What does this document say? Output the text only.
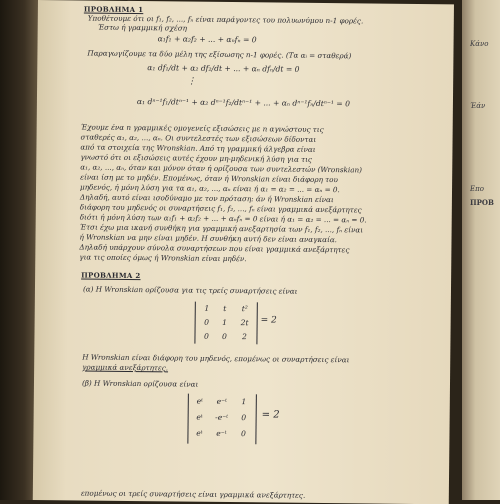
Κάνο
Έάν
Επο
ΠΡΟΒ
ΠΡΟΒΛΗΜΑ 1
Υποθέτουμε ότι οι f₁, f₂, ..., fₙ είναι παράγοντες του πολυωνύμου n-1 φορές.
Έστω ή γραμμική σχέση
α₁f₁ + α₂f₂ + ... + αₙfₙ = 0
Παραγωγίζουμε τα δύο μέλη της εξίσωσης n-1 φορές. (Τα αᵢ = σταθερά)
α₁ df₁/dt + α₂ df₂/dt + ... + αₙ dfₙ/dt = 0
⋮
α₁ dⁿ⁻¹f₁/dtⁿ⁻¹ + α₂ dⁿ⁻¹f₂/dtⁿ⁻¹ + ... + αₙ dⁿ⁻¹fₙ/dtⁿ⁻¹ = 0
Έχουμε ένα n γραμμικές ομογενείς εξισώσεις με n αγνώστους τις
σταθερές α₁, α₂, ..., αₙ. Οι συντελεστές των εξισώσεων δίδονται
από τα στοιχεία της Wronskian. Από τη γραμμική άλγεβρα είναι
γνωστό ότι οι εξισώσεις αυτές έχουν μη-μηδενική λύση για τις
α₁, α₂, ..., αₙ, όταν και μόνον όταν ή ορίζουσα των συντελεστών (Wronskian)
είναι ίση με το μηδέν. Επομένως, όταν ή Wronskian είναι διάφορη του
μηδενός, ή μόνη λύση για τα α₁, α₂, ..., αₙ είναι ή α₁ = α₂ = ... = αₙ = 0.
Δηλαδή, αυτό είναι ισοδύναμο με τον πρόταση: άν ή Wronskian είναι
διάφορη του μηδενός οι συναρτήσεις f₁, f₂, ..., fₙ είναι γραμμικά ανεξάρτητες
διότι ή μόνη λύση των α₁f₁ + α₂f₂ + ... + αₙfₙ = 0 είναι ή α₁ = α₂ = ... = αₙ = 0.
Έτσι έχω μια ικανή συνθήκη για γραμμική ανεξαρτησία των f₁, f₂, ..., fₙ είναι
ή Wronskian να μην είναι μηδέν. Η συνθήκη αυτή δεν είναι αναγκαία.
Δηλαδή υπάρχουν σύνολα συναρτήσεων που είναι γραμμικά ανεξάρτητες
για τις οποίες όμως ή Wronskian είναι μηδέν.
ΠΡΟΒΛΗΜΑ 2
(α) Η Wronskian ορίζουσα για τις τρείς συναρτήσεις είναι
1	t	t²
0	1	2t
0	0	2
= 2
Η Wronskian είναι διάφορη του μηδενός, επομένως οι συναρτήσεις είναι
γραμμικά ανεξάρτητες.
(β) Η Wronskian ορίζουσα είναι
eᵗ	e⁻ᵗ	1
eᵗ	-e⁻ᵗ	0
eᵗ	e⁻ᵗ	0
= 2
επομένως οι τρείς συναρτήσεις είναι γραμμικά ανεξάρτητες.
